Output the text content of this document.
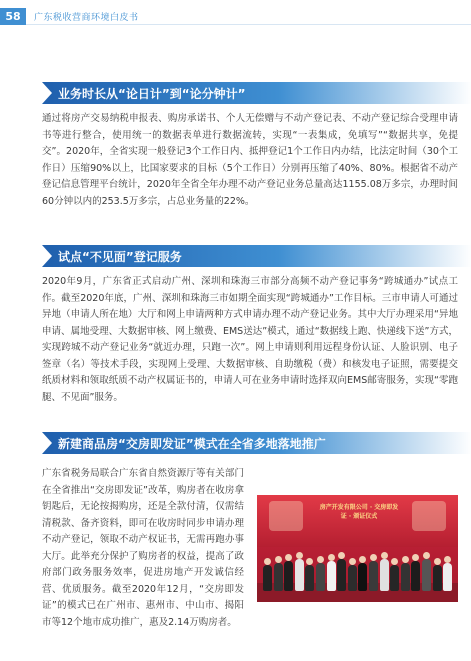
58	广东税收营商环境白皮书
业务时长从“论日计”到“论分钟计”
通过将房产交易纳税申报表、购房承诺书、个人无偿赠与不动产登记表、不动产登记综合受理申请书等进行整合，使用统一的数据表单进行数据流转，实现“一表集成，免填写”“数据共享，免提交”。2020年，全省实现一般登记3个工作日内、抵押登记1个工作日内办结，比法定时间（30个工作日）压缩90%以上，比国家要求的目标（5个工作日）分别再压缩了40%、80%。根据省不动产登记信息管理平台统计，2020年全省全年办理不动产登记业务总量高达1155.08万多宗，办理时间60分钟以内的253.5万多宗，占总业务量的22%。
试点“不见面”登记服务
2020年9月，广东省正式启动广州、深圳和珠海三市部分高频不动产登记事务“跨城通办”试点工作。截至2020年底，广州、深圳和珠海三市如期全面实现“跨城通办”工作目标。三市申请人可通过异地（申请人所在地）大厅和网上申请两种方式申请办理不动产登记业务。其中大厅办理采用“异地申请、属地受理、大数据审核、网上缴费、EMS送达”模式，通过“数据线上跑、快递线下送”方式，实现跨城不动产登记业务“就近办理，只跑一次”。网上申请则利用远程身份认证、人脸识别、电子签章（名）等技术手段，实现网上受理、大数据审核、自助缴税（费）和核发电子证照，需要提交纸质材料和领取纸质不动产权属证书的，申请人可在业务申请时选择双向EMS邮寄服务，实现“零跑腿、不见面”服务。
新建商品房“交房即发证”模式在全省多地落地推广
广东省税务局联合广东省自然资源厅等有关部门在全省推出“交房即发证”改革，购房者在收房拿钥匙后，无论按揭购房，还是全款付清，仅需结清税款、备齐资料，即可在收房时同步申请办理不动产登记，领取不动产权证书，无需再跑办事大厅。此举充分保护了购房者的权益，提高了政府部门政务服务效率，促进房地产开发诚信经营、优质服务。截至2020年12月，“交房即发证”的模式已在广州市、惠州市、中山市、揭阳市等12个地市成功推广，惠及2.14万购房者。
房产开发有限公司 · 交房即发证 · 颁证仪式
